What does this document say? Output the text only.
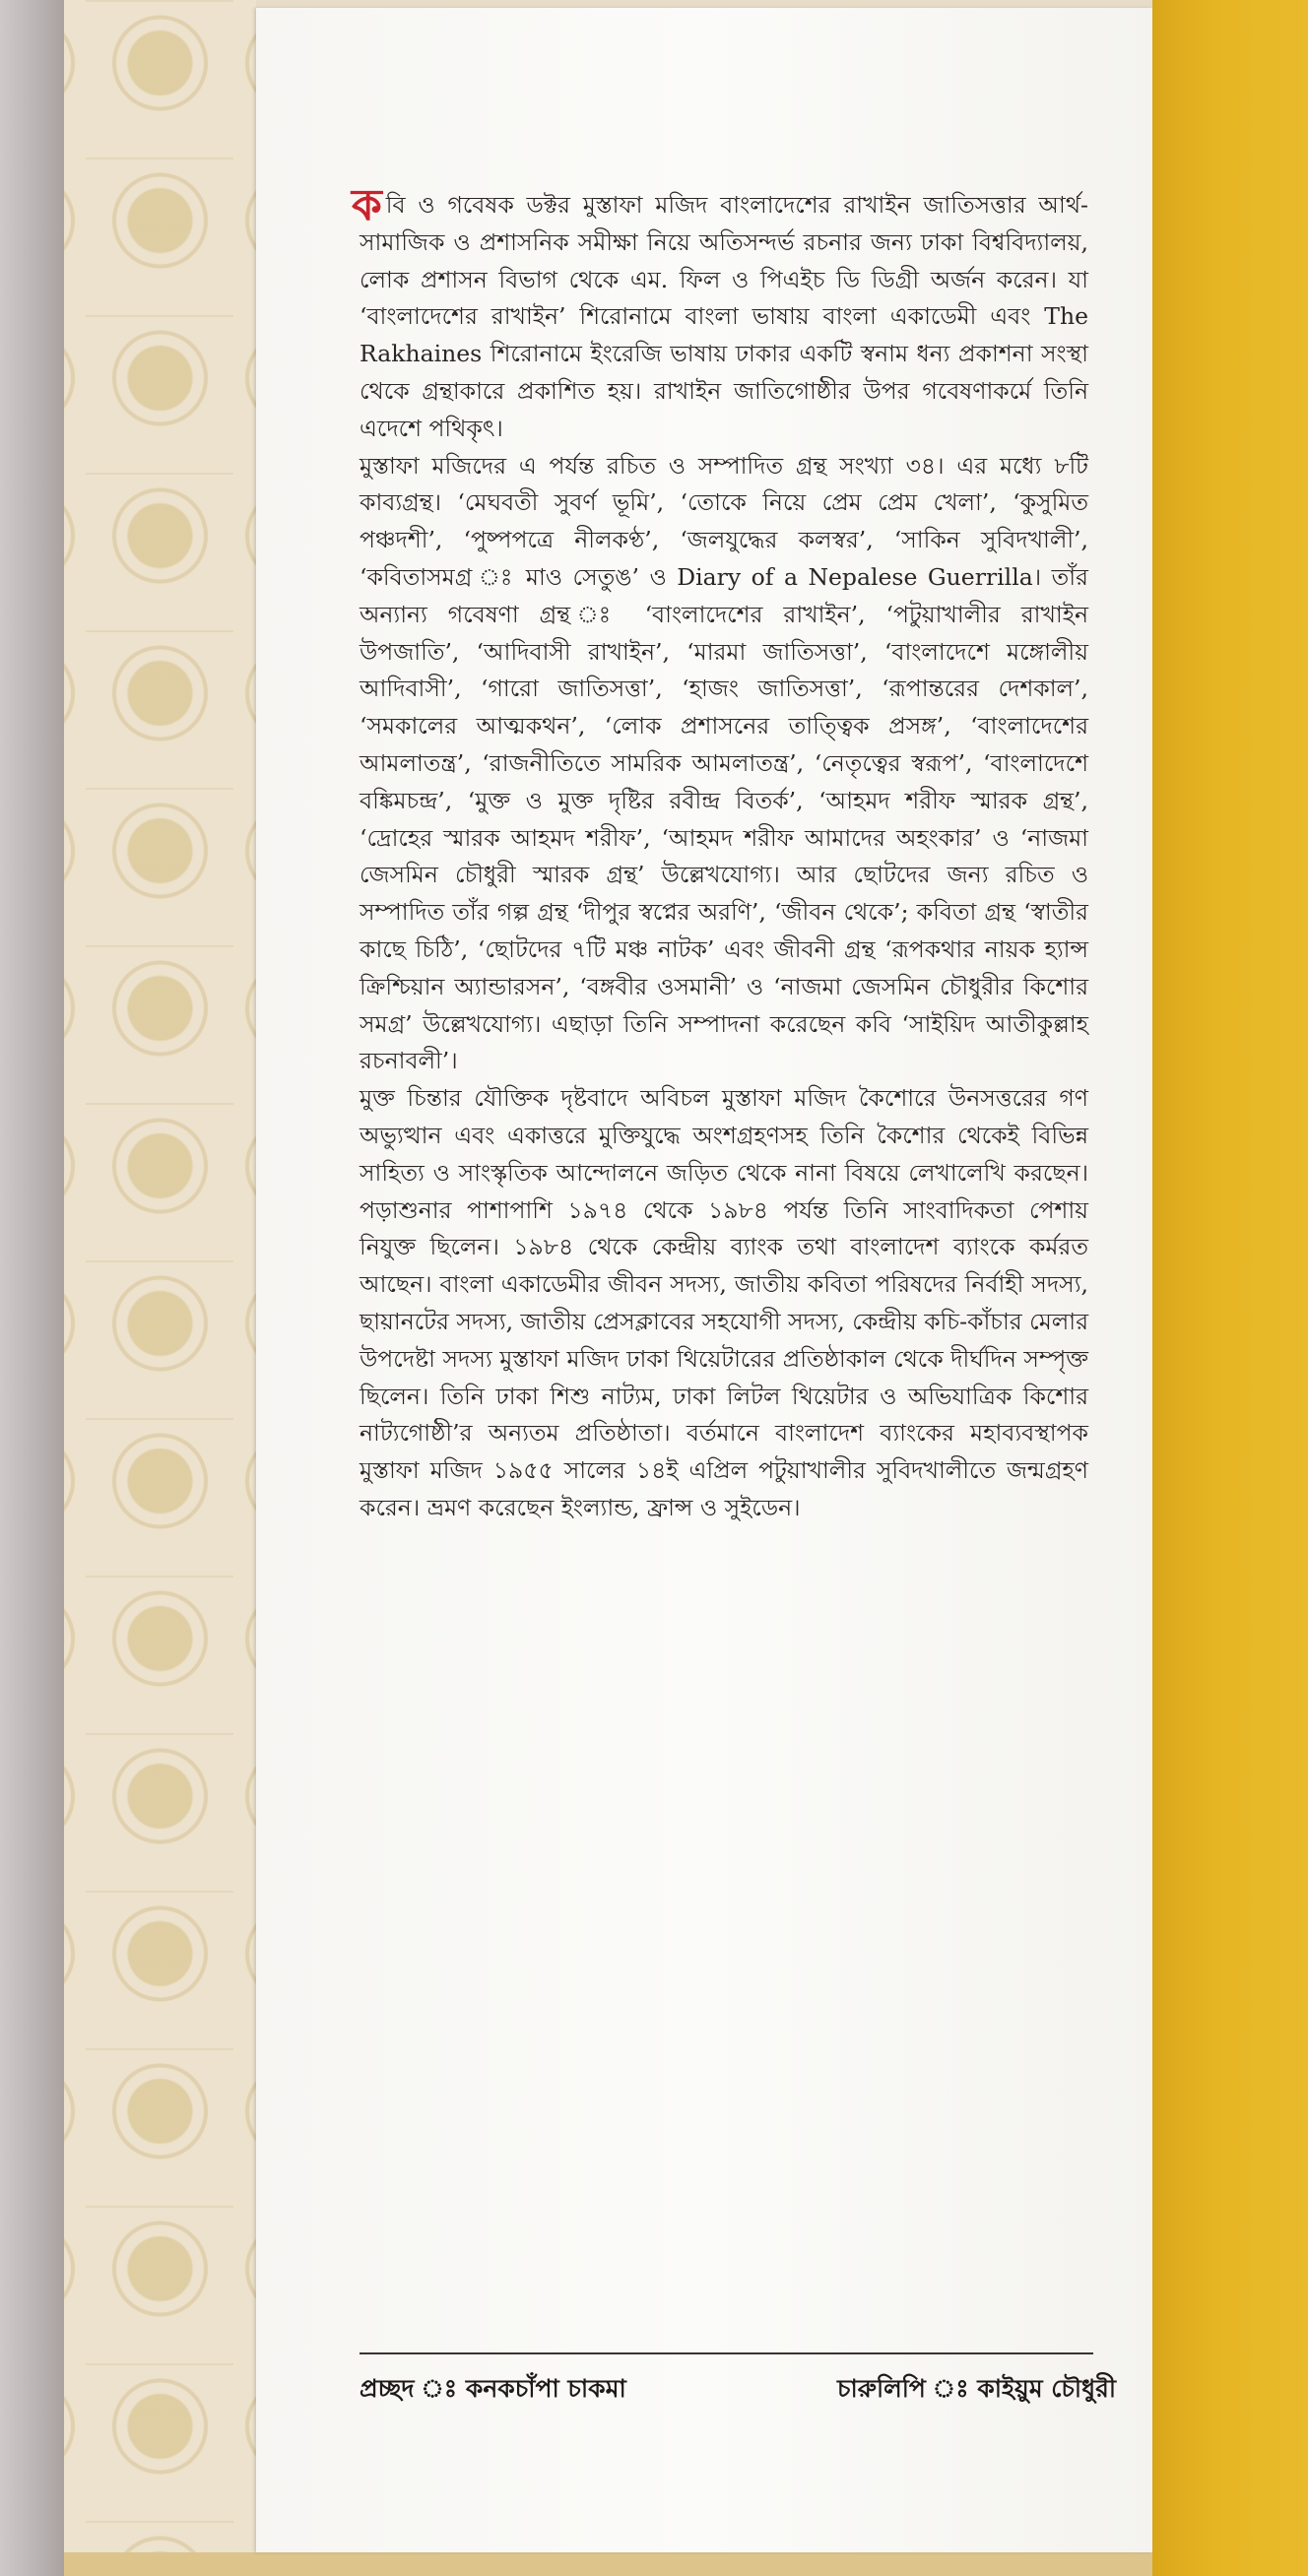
কবি ও গবেষক ডক্টর মুস্তাফা মজিদ বাংলাদেশের রাখাইন জাতিসত্তার আর্থ-সামাজিক ও প্রশাসনিক সমীক্ষা নিয়ে অতিসন্দর্ভ রচনার জন্য ঢাকা বিশ্ববিদ্যালয়, লোক প্রশাসন বিভাগ থেকে এম. ফিল ও পিএইচ ডি ডিগ্রী অর্জন করেন। যা ‘বাংলাদেশের রাখাইন’ শিরোনামে বাংলা ভাষায় বাংলা একাডেমী এবং The Rakhaines শিরোনামে ইংরেজি ভাষায় ঢাকার একটি স্বনাম ধন্য প্রকাশনা সংস্থা থেকে গ্রন্থাকারে প্রকাশিত হয়। রাখাইন জাতিগোষ্ঠীর উপর গবেষণাকর্মে তিনি এদেশে পথিকৃৎ।

মুস্তাফা মজিদের এ পর্যন্ত রচিত ও সম্পাদিত গ্রন্থ সংখ্যা ৩৪। এর মধ্যে ৮টি কাব্যগ্রন্থ। ‘মেঘবতী সুবর্ণ ভূমি’, ‘তোকে নিয়ে প্রেম প্রেম খেলা’, ‘কুসুমিত পঞ্চদশী’, ‘পুষ্পপত্রে নীলকণ্ঠ’, ‘জলযুদ্ধের কলস্বর’, ‘সাকিন সুবিদখালী’, ‘কবিতাসমগ্র ঃ মাও সেতুঙ’ ও Diary of a Nepalese Guerrilla। তাঁর অন্যান্য গবেষণা গ্রন্থ ঃ ‘বাংলাদেশের রাখাইন’, ‘পটুয়াখালীর রাখাইন উপজাতি’, ‘আদিবাসী রাখাইন’, ‘মারমা জাতিসত্তা’, ‘বাংলাদেশে মঙ্গোলীয় আদিবাসী’, ‘গারো জাতিসত্তা’, ‘হাজং জাতিসত্তা’, ‘রূপান্তরের দেশকাল’, ‘সমকালের আত্মকথন’, ‘লোক প্রশাসনের তাত্ত্বিক প্রসঙ্গ’, ‘বাংলাদেশের আমলাতন্ত্র’, ‘রাজনীতিতে সামরিক আমলাতন্ত্র’, ‘নেতৃত্বের স্বরূপ’, ‘বাংলাদেশে বঙ্কিমচন্দ্র’, ‘মুক্ত ও মুক্ত দৃষ্টির রবীন্দ্র বিতর্ক’, ‘আহমদ শরীফ স্মারক গ্রন্থ’, ‘দ্রোহের স্মারক আহমদ শরীফ’, ‘আহমদ শরীফ আমাদের অহংকার’ ও ‘নাজমা জেসমিন চৌধুরী স্মারক গ্রন্থ’ উল্লেখযোগ্য। আর ছোটদের জন্য রচিত ও সম্পাদিত তাঁর গল্প গ্রন্থ ‘দীপুর স্বপ্নের অরণি’, ‘জীবন থেকে’; কবিতা গ্রন্থ ‘স্বাতীর কাছে চিঠি’, ‘ছোটদের ৭টি মঞ্চ নাটক’ এবং জীবনী গ্রন্থ ‘রূপকথার নায়ক হ্যান্স ক্রিশ্চিয়ান অ্যান্ডারসন’, ‘বঙ্গবীর ওসমানী’ ও ‘নাজমা জেসমিন চৌধুরীর কিশোর সমগ্র’ উল্লেখযোগ্য। এছাড়া তিনি সম্পাদনা করেছেন কবি ‘সাইয়িদ আতীকুল্লাহ রচনাবলী’।

মুক্ত চিন্তার যৌক্তিক দৃষ্টবাদে অবিচল মুস্তাফা মজিদ কৈশোরে উনসত্তরের গণ অভ্যুত্থান এবং একাত্তরে মুক্তিযুদ্ধে অংশগ্রহণসহ তিনি কৈশোর থেকেই বিভিন্ন সাহিত্য ও সাংস্কৃতিক আন্দোলনে জড়িত থেকে নানা বিষয়ে লেখালেখি করছেন। পড়াশুনার পাশাপাশি ১৯৭৪ থেকে ১৯৮৪ পর্যন্ত তিনি সাংবাদিকতা পেশায় নিযুক্ত ছিলেন। ১৯৮৪ থেকে কেন্দ্রীয় ব্যাংক তথা বাংলাদেশ ব্যাংকে কর্মরত আছেন। বাংলা একাডেমীর জীবন সদস্য, জাতীয় কবিতা পরিষদের নির্বাহী সদস্য, ছায়ানটের সদস্য, জাতীয় প্রেসক্লাবের সহযোগী সদস্য, কেন্দ্রীয় কচি-কাঁচার মেলার উপদেষ্টা সদস্য মুস্তাফা মজিদ ঢাকা থিয়েটারের প্রতিষ্ঠাকাল থেকে দীর্ঘদিন সম্পৃক্ত ছিলেন। তিনি ঢাকা শিশু নাট্যম, ঢাকা লিটল থিয়েটার ও অভিযাত্রিক কিশোর নাট্যগোষ্ঠী’র অন্যতম প্রতিষ্ঠাতা। বর্তমানে বাংলাদেশ ব্যাংকের মহাব্যবস্থাপক মুস্তাফা মজিদ ১৯৫৫ সালের ১৪ই এপ্রিল পটুয়াখালীর সুবিদখালীতে জন্মগ্রহণ করেন। ভ্রমণ করেছেন ইংল্যান্ড, ফ্রান্স ও সুইডেন।

প্রচ্ছদ ঃ কনকচাঁপা চাকমা	চারুলিপি ঃ কাইয়ুম চৌধুরী
